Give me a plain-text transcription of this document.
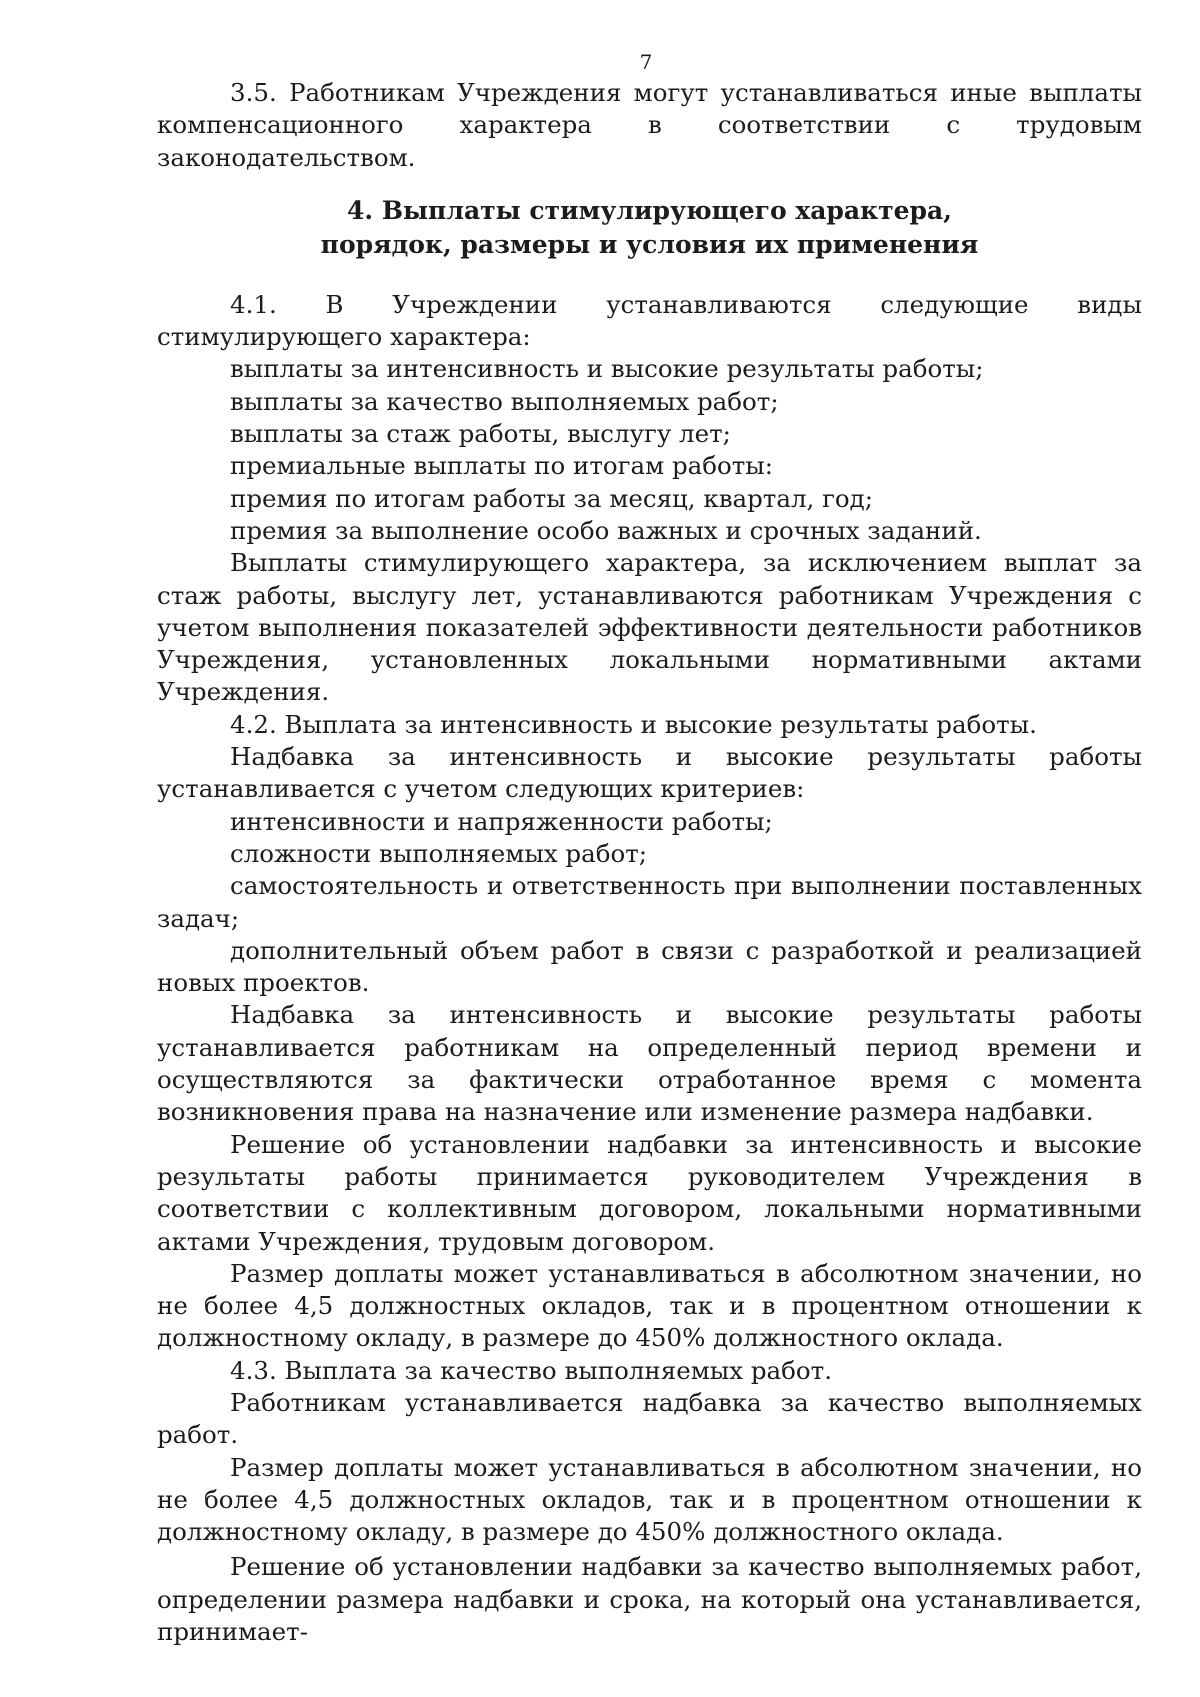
7

3.5. Работникам Учреждения могут устанавливаться иные выплаты компенсационного характера в соответствии с трудовым законодательством.

4. Выплаты стимулирующего характера,
порядок, размеры и условия их применения

4.1. В Учреждении устанавливаются следующие виды стимулирующего характера:

выплаты за интенсивность и высокие результаты работы;

выплаты за качество выполняемых работ;

выплаты за стаж работы, выслугу лет;

премиальные выплаты по итогам работы:

премия по итогам работы за месяц, квартал, год;

премия за выполнение особо важных и срочных заданий.

Выплаты стимулирующего характера, за исключением выплат за стаж работы, выслугу лет, устанавливаются работникам Учреждения с учетом выполнения показателей эффективности деятельности работников Учреждения, установленных локальными нормативными актами Учреждения.

4.2. Выплата за интенсивность и высокие результаты работы.

Надбавка за интенсивность и высокие результаты работы устанавливается с учетом следующих критериев:

интенсивности и напряженности работы;

сложности выполняемых работ;

самостоятельность и ответственность при выполнении поставленных задач;

дополнительный объем работ в связи с разработкой и реализацией новых проектов.

Надбавка за интенсивность и высокие результаты работы устанавливается работникам на определенный период времени и осуществляются за фактически отработанное время с момента возникновения права на назначение или изменение размера надбавки.

Решение об установлении надбавки за интенсивность и высокие результаты работы принимается руководителем Учреждения в соответствии с коллективным договором, локальными нормативными актами Учреждения, трудовым договором.

Размер доплаты может устанавливаться в абсолютном значении, но не более 4,5 должностных окладов, так и в процентном отношении к должностному окладу, в размере до 450% должностного оклада.

4.3. Выплата за качество выполняемых работ.

Работникам устанавливается надбавка за качество выполняемых работ.

Размер доплаты может устанавливаться в абсолютном значении, но не более 4,5 должностных окладов, так и в процентном отношении к должностному окладу, в размере до 450% должностного оклада.

Решение об установлении надбавки за качество выполняемых работ, определении размера надбавки и срока, на который она устанавливается, принимает-
